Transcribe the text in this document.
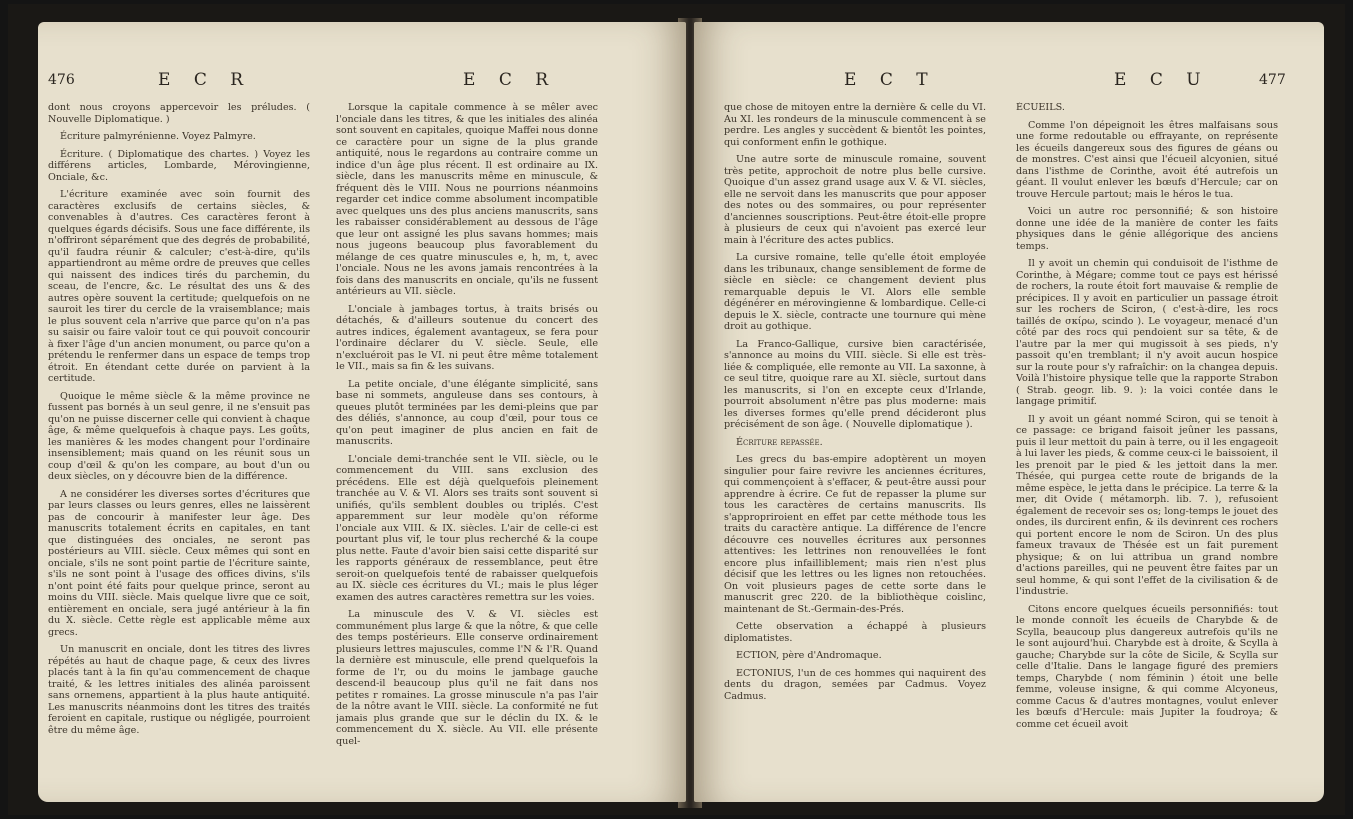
476	E C R	E C R

dont nous croyons appercevoir les préludes. ( Nouvelle Diplomatique. )

Écriture palmyrénienne. Voyez Palmyre.

Écriture. ( Diplomatique des chartes. ) Voyez les différens articles, Lombarde, Mérovingienne, Onciale, &c.

L'écriture examinée avec soin fournit des caractères exclusifs de certains siècles, & convenables à d'autres. Ces caractères feront à quelques égards décisifs. Sous une face différente, ils n'offriront séparément que des degrés de probabilité, qu'il faudra réunir & calculer; c'est-à-dire, qu'ils appartiendront au même ordre de preuves que celles qui naissent des indices tirés du parchemin, du sceau, de l'encre, &c. Le résultat des uns & des autres opère souvent la certitude; quelquefois on ne sauroit les tirer du cercle de la vraisemblance; mais le plus souvent cela n'arrive que parce qu'on n'a pas su saisir ou faire valoir tout ce qui pouvoit concourir à fixer l'âge d'un ancien monument, ou parce qu'on a prétendu le renfermer dans un espace de temps trop étroit. En étendant cette durée on parvient à la certitude.

Quoique le même siècle & la même province ne fussent pas bornés à un seul genre, il ne s'ensuit pas qu'on ne puisse discerner celle qui convient à chaque âge, & même quelquefois à chaque pays. Les goûts, les manières & les modes changent pour l'ordinaire insensiblement; mais quand on les réunit sous un coup d'œil & qu'on les compare, au bout d'un ou deux siècles, on y découvre bien de la différence.

A ne considérer les diverses sortes d'écritures que par leurs classes ou leurs genres, elles ne laissèrent pas de concourir à manifester leur âge. Des manuscrits totalement écrits en capitales, en tant que distinguées des onciales, ne seront pas postérieurs au VIII. siècle. Ceux mêmes qui sont en onciale, s'ils ne sont point partie de l'écriture sainte, s'ils ne sont point à l'usage des offices divins, s'ils n'ont point été faits pour quelque prince, seront au moins du VIII. siècle. Mais quelque livre que ce soit, entièrement en onciale, sera jugé antérieur à la fin du X. siècle. Cette règle est applicable même aux grecs.

Un manuscrit en onciale, dont les titres des livres répétés au haut de chaque page, & ceux des livres placés tant à la fin qu'au commencement de chaque traité, & les lettres initiales des alinéa paroissent sans ornemens, appartient à la plus haute antiquité. Les manuscrits néanmoins dont les titres des traités feroient en capitale, rustique ou négligée, pourroient être du même âge.

Lorsque la capitale commence à se mêler avec l'onciale dans les titres, & que les initiales des alinéa sont souvent en capitales, quoique Maffei nous donne ce caractère pour un signe de la plus grande antiquité, nous le regardons au contraire comme un indice d'un âge plus récent. Il est ordinaire au IX. siècle, dans les manuscrits même en minuscule, & fréquent dès le VIII. Nous ne pourrions néanmoins regarder cet indice comme absolument incompatible avec quelques uns des plus anciens manuscrits, sans les rabaisser considérablement au dessous de l'âge que leur ont assigné les plus savans hommes; mais nous jugeons beaucoup plus favorablement du mélange de ces quatre minuscules e, h, m, t, avec l'onciale. Nous ne les avons jamais rencontrées à la fois dans des manuscrits en onciale, qu'ils ne fussent antérieurs au VII. siècle.

L'onciale à jambages tortus, à traits brisés ou détachés, & d'ailleurs soutenue du concert des autres indices, également avantageux, se fera pour l'ordinaire déclarer du V. siècle. Seule, elle n'excluéroit pas le VI. ni peut être même totalement le VII., mais sa fin & les suivans.

La petite onciale, d'une élégante simplicité, sans base ni sommets, anguleuse dans ses contours, à queues plutôt terminées par les demi-pleins que par des déliés, s'annonce, au coup d'œil, pour tous ce qu'on peut imaginer de plus ancien en fait de manuscrits.

L'onciale demi-tranchée sent le VII. siècle, ou le commencement du VIII. sans exclusion des précédens. Elle est déjà quelquefois pleinement tranchée au V. & VI. Alors ses traits sont souvent si unifiés, qu'ils semblent doubles ou triplés. C'est apparemment sur leur modèle qu'on réforme l'onciale aux VIII. & IX. siècles. L'air de celle-ci est pourtant plus vif, le tour plus recherché & la coupe plus nette. Faute d'avoir bien saisi cette disparité sur les rapports généraux de ressemblance, peut être seroit-on quelquefois tenté de rabaisser quelquefois au IX. siècle ces écritures du VI.; mais le plus léger examen des autres caractères remettra sur les voies.

La minuscule des V. & VI. siècles est communément plus large & que la nôtre, & que celle des temps postérieurs. Elle conserve ordinairement plusieurs lettres majuscules, comme l'N & l'R. Quand la dernière est minuscule, elle prend quelquefois la forme de l'r, ou du moins le jambage gauche descend-il beaucoup plus qu'il ne fait dans nos petites r romaines. La grosse minuscule n'a pas l'air de la nôtre avant le VIII. siècle. La conformité ne fut jamais plus grande que sur le déclin du IX. & le commencement du X. siècle. Au VII. elle présente quel-

E C T	E C U	477

que chose de mitoyen entre la dernière & celle du VI. Au XI. les rondeurs de la minuscule commencent à se perdre. Les angles y succèdent & bientôt les pointes, qui conforment enfin le gothique.

Une autre sorte de minuscule romaine, souvent très petite, approchoit de notre plus belle cursive. Quoique d'un assez grand usage aux V. & VI. siècles, elle ne servoit dans les manuscrits que pour apposer des notes ou des sommaires, ou pour représenter d'anciennes souscriptions. Peut-être étoit-elle propre à plusieurs de ceux qui n'avoient pas exercé leur main à l'écriture des actes publics.

La cursive romaine, telle qu'elle étoit employée dans les tribunaux, change sensiblement de forme de siècle en siècle: ce changement devient plus remarquable depuis le VI. Alors elle semble dégénérer en mérovingienne & lombardique. Celle-ci depuis le X. siècle, contracte une tournure qui mène droit au gothique.

La Franco-Gallique, cursive bien caractérisée, s'annonce au moins du VIII. siècle. Si elle est très-liée & compliquée, elle remonte au VII. La saxonne, à ce seul titre, quoique rare au XI. siècle, surtout dans les manuscrits, si l'on en excepte ceux d'Irlande, pourroit absolument n'être pas plus moderne: mais les diverses formes qu'elle prend décideront plus précisément de son âge. ( Nouvelle diplomatique ).

Écriture repassée.

Les grecs du bas-empire adoptèrent un moyen singulier pour faire revivre les anciennes écritures, qui commençoient à s'effacer, & peut-être aussi pour apprendre à écrire. Ce fut de repasser la plume sur tous les caractères de certains manuscrits. Ils s'appropriroient en effet par cette méthode tous les traits du caractère antique. La différence de l'encre découvre ces nouvelles écritures aux personnes attentives: les lettrines non renouvellées le font encore plus infailliblement; mais rien n'est plus décisif que les lettres ou les lignes non retouchées. On voit plusieurs pages de cette sorte dans le manuscrit grec 220. de la bibliothèque coislinc, maintenant de St.-Germain-des-Prés.

Cette observation a échappé à plusieurs diplomatistes.

ECTION, père d'Andromaque.

ECTONIUS, l'un de ces hommes qui naquirent des dents du dragon, semées par Cadmus. Voyez Cadmus.

ÉCUEILS.

Comme l'on dépeignoit les êtres malfaisans sous une forme redoutable ou effrayante, on représente les écueils dangereux sous des figures de géans ou de monstres. C'est ainsi que l'écueil alcyonien, situé dans l'isthme de Corinthe, avoit été autrefois un géant. Il voulut enlever les bœufs d'Hercule; car on trouve Hercule partout; mais le héros le tua.

Voici un autre roc personnifié; & son histoire donne une idée de la manière de conter les faits physiques dans le génie allégorique des anciens temps.

Il y avoit un chemin qui conduisoit de l'isthme de Corinthe, à Mégare; comme tout ce pays est hérissé de rochers, la route étoit fort mauvaise & remplie de précipices. Il y avoit en particulier un passage étroit sur les rochers de Sciron, ( c'est-à-dire, les rocs taillés de σκίρω, scindo ). Le voyageur, menacé d'un côté par des rocs qui pendoient sur sa tête, & de l'autre par la mer qui mugissoit à ses pieds, n'y passoit qu'en tremblant; il n'y avoit aucun hospice sur la route pour s'y rafraîchir: on la changea depuis. Voilà l'histoire physique telle que la rapporte Strabon ( Strab. geogr. lib. 9. ): la voici contée dans le langage primitif.

Il y avoit un géant nommé Sciron, qui se tenoit à ce passage: ce brigand faisoit jeûner les passans, puis il leur mettoit du pain à terre, ou il les engageoit à lui laver les pieds, & comme ceux-ci le baissoient, il les prenoit par le pied & les jettoit dans la mer. Thésée, qui purgea cette route de brigands de la même espèce, le jetta dans le précipice. La terre & la mer, dit Ovide ( métamorph. lib. 7. ), refusoient également de recevoir ses os; long-temps le jouet des ondes, ils durcirent enfin, & ils devinrent ces rochers qui portent encore le nom de Sciron. Un des plus fameux travaux de Thésée est un fait purement physique; & on lui attribua un grand nombre d'actions pareilles, qui ne peuvent être faites par un seul homme, & qui sont l'effet de la civilisation & de l'industrie.

Citons encore quelques écueils personnifiés: tout le monde connoît les écueils de Charybde & de Scylla, beaucoup plus dangereux autrefois qu'ils ne le sont aujourd'hui. Charybde est à droite, & Scylla à gauche; Charybde sur la côte de Sicile, & Scylla sur celle d'Italie. Dans le langage figuré des premiers temps, Charybde ( nom féminin ) étoit une belle femme, voleuse insigne, & qui comme Alcyoneus, comme Cacus & d'autres montagnes, voulut enlever les bœufs d'Hercule: mais Jupiter la foudroya; & comme cet écueil avoit
